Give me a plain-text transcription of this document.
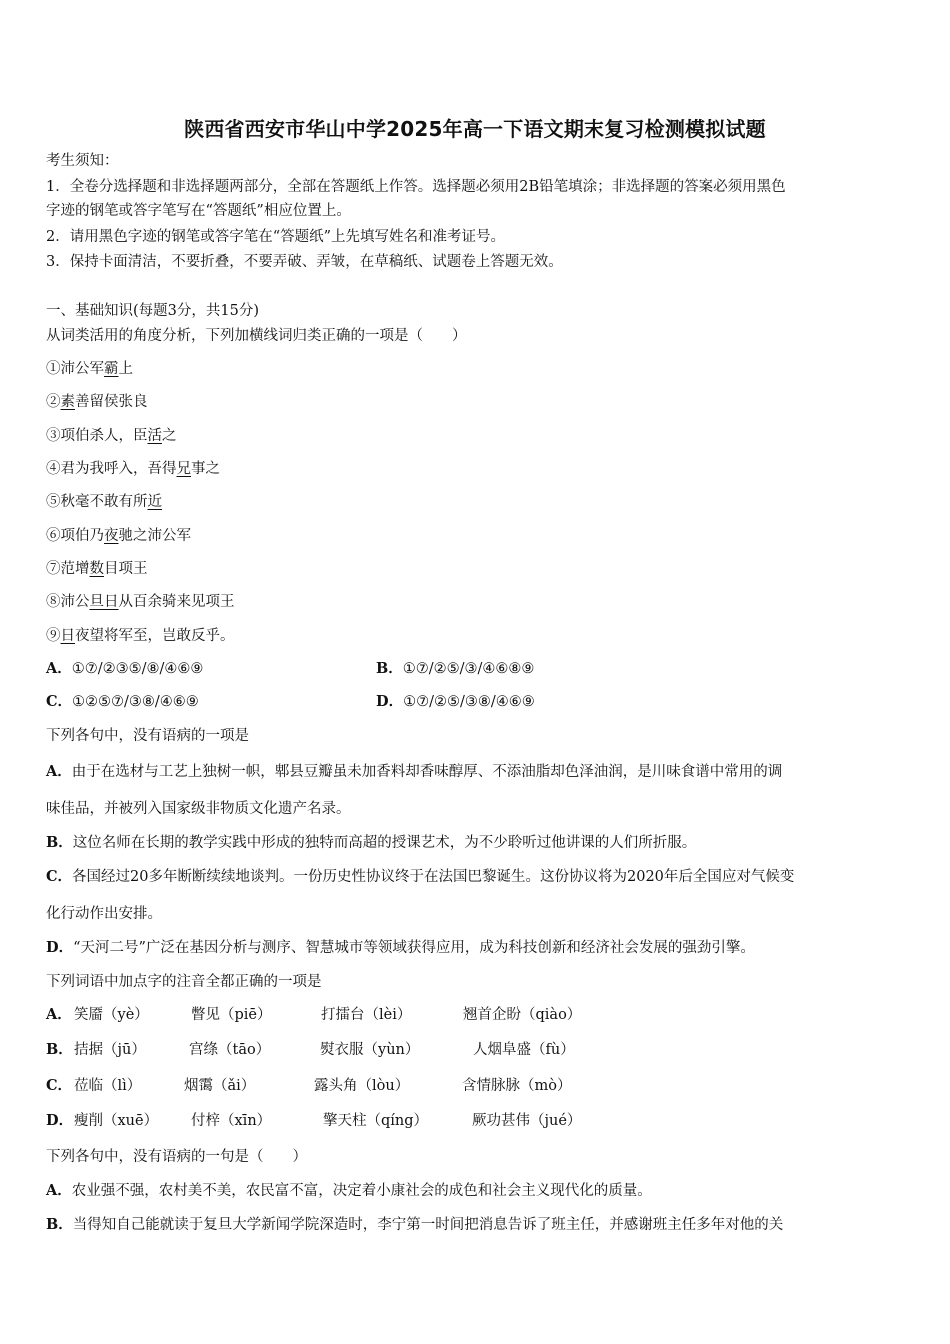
陕西省西安市华山中学2025年高一下语文期末复习检测模拟试题
考生须知：
1．全卷分选择题和非选择题两部分，全部在答题纸上作答。选择题必须用2B铅笔填涂；非选择题的答案必须用黑色
字迹的钢笔或答字笔写在“答题纸”相应位置上。
2．请用黑色字迹的钢笔或答字笔在“答题纸”上先填写姓名和准考证号。
3．保持卡面清洁，不要折叠，不要弄破、弄皱，在草稿纸、试题卷上答题无效。
一、基础知识(每题3分，共15分)
从词类活用的角度分析，下列加横线词归类正确的一项是（　　）
①沛公军霸上
②素善留侯张良
③项伯杀人，臣活之
④君为我呼入，吾得兄事之
⑤秋毫不敢有所近
⑥项伯乃夜驰之沛公军
⑦范增数目项王
⑧沛公旦日从百余骑来见项王
⑨日夜望将军至，岂敢反乎。
A．①⑦/②③⑤/⑧/④⑥⑨	B．①⑦/②⑤/③/④⑥⑧⑨
C．①②⑤⑦/③⑧/④⑥⑨	D．①⑦/②⑤/③⑧/④⑥⑨
下列各句中，没有语病的一项是
A．由于在选材与工艺上独树一帜，郫县豆瓣虽未加香料却香味醇厚、不添油脂却色泽油润，是川味食谱中常用的调
味佳品，并被列入国家级非物质文化遗产名录。
B．这位名师在长期的教学实践中形成的独特而高超的授课艺术，为不少聆听过他讲课的人们所折服。
C．各国经过20多年断断续续地谈判。一份历史性协议终于在法国巴黎诞生。这份协议将为2020年后全国应对气候变
化行动作出安排。
D．“天河二号”广泛在基因分析与测序、智慧城市等领域获得应用，成为科技创新和经济社会发展的强劲引擎。
下列词语中加点字的注音全都正确的一项是
A． 笑靥（yè）	瞥见（piē）	打擂台（lèi）	翘首企盼（qiào）
B． 拮据（jū）	宫绦（tāo）	熨衣服（yùn）	人烟阜盛（fù）
C． 莅临（lì）	烟霭（ǎi）	露头角（lòu）	含情脉脉（mò）
D． 瘦削（xuē） 付梓（xīn）	擎天柱（qíng）	厥功甚伟（jué）
下列各句中，没有语病的一句是（　　）
A．农业强不强，农村美不美，农民富不富，决定着小康社会的成色和社会主义现代化的质量。
B．当得知自己能就读于复旦大学新闻学院深造时，李宁第一时间把消息告诉了班主任，并感谢班主任多年对他的关
